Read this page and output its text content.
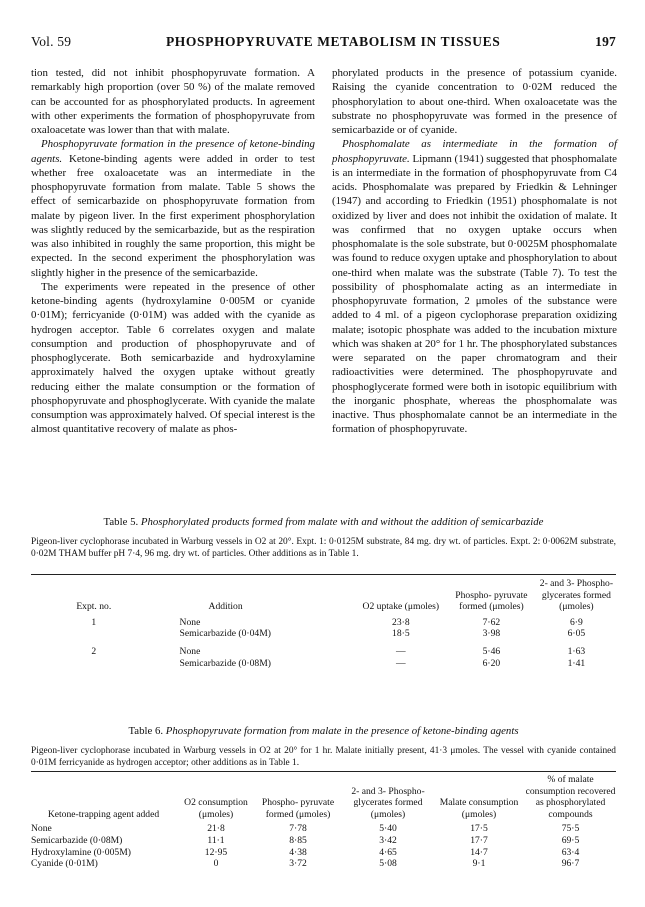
Vol. 59	PHOSPHOPYRUVATE METABOLISM IN TISSUES	197

tion tested, did not inhibit phosphopyruvate formation. A remarkably high proportion (over 50 %) of the malate removed can be accounted for as phosphorylated products. In agreement with other experiments the formation of phosphopyruvate from oxaloacetate was lower than that with malate.

Phosphopyruvate formation in the presence of ketone-binding agents. Ketone-binding agents were added in order to test whether free oxaloacetate was an intermediate in the phosphopyruvate formation from malate. Table 5 shows the effect of semicarbazide on phosphopyruvate formation from malate by pigeon liver. In the first experiment phosphorylation was slightly reduced by the semicarbazide, but as the respiration was also inhibited in roughly the same proportion, this might be expected. In the second experiment the phosphorylation was slightly higher in the presence of the semicarbazide.

The experiments were repeated in the presence of other ketone-binding agents (hydroxylamine 0·005M or cyanide 0·01M); ferricyanide (0·01M) was added with the cyanide as hydrogen acceptor. Table 6 correlates oxygen and malate consumption and production of phosphopyruvate and of phosphoglycerate. Both semicarbazide and hydroxylamine approximately halved the oxygen uptake without greatly reducing either the malate consumption or the formation of phosphopyruvate and phosphoglycerate. With cyanide the malate consumption was approximately halved. Of special interest is the almost quantitative recovery of malate as phos-

phorylated products in the presence of potassium cyanide. Raising the cyanide concentration to 0·02M reduced the phosphorylation to about one-third. When oxaloacetate was the substrate no phosphopyruvate was formed in the presence of semicarbazide or of cyanide.

Phosphomalate as intermediate in the formation of phosphopyruvate. Lipmann (1941) suggested that phosphomalate is an intermediate in the formation of phosphopyruvate from C4 acids. Phosphomalate was prepared by Friedkin & Lehninger (1947) and according to Friedkin (1951) phosphomalate is not oxidized by liver and does not inhibit the oxidation of malate. It was confirmed that no oxygen uptake occurs when phosphomalate is the sole substrate, but 0·0025M phosphomalate was found to reduce oxygen uptake and phosphorylation to about one-third when malate was the substrate (Table 7). To test the possibility of phosphomalate acting as an intermediate in phosphopyruvate formation, 2 μmoles of the substance were added to 4 ml. of a pigeon cyclophorase preparation oxidizing malate; isotopic phosphate was added to the incubation mixture which was shaken at 20° for 1 hr. The phosphorylated substances were separated on the paper chromatogram and their radioactivities were determined. The phosphopyruvate and phosphoglycerate formed were both in isotopic equilibrium with the inorganic phosphate, whereas the phosphomalate was inactive. Thus phosphomalate cannot be an intermediate in the formation of phosphopyruvate.

Table 5. Phosphorylated products formed from malate with and without the addition of semicarbazide
Pigeon-liver cyclophorase incubated in Warburg vessels in O2 at 20°. Expt. 1: 0·0125M substrate, 84 mg. dry wt. of particles. Expt. 2: 0·0062M substrate, 0·02M THAM buffer pH 7·4, 96 mg. dry wt. of particles. Other additions as in Table 1.
Expt. no.	Addition	O2 uptake (μmoles)	Phospho- pyruvate formed (μmoles)	2- and 3- Phospho- glycerates formed (μmoles)
1	None	23·8	7·62	6·9
	Semicarbazide (0·04M)	18·5	3·98	6·05
2	None	—	5·46	1·63
	Semicarbazide (0·08M)	—	6·20	1·41
Table 6. Phosphopyruvate formation from malate in the presence of ketone-binding agents
Pigeon-liver cyclophorase incubated in Warburg vessels in O2 at 20° for 1 hr. Malate initially present, 41·3 μmoles. The vessel with cyanide contained 0·01M ferricyanide as hydrogen acceptor; other additions as in Table 1.
Ketone-trapping agent added	O2 consumption (μmoles)	Phospho- pyruvate formed (μmoles)	2- and 3- Phospho- glycerates formed (μmoles)	Malate consumption (μmoles)	% of malate consumption recovered as phosphorylated compounds
None	21·8	7·78	5·40	17·5	75·5
Semicarbazide (0·08M)	11·1	8·85	3·42	17·7	69·5
Hydroxylamine (0·005M)	12·95	4·38	4·65	14·7	63·4
Cyanide (0·01M)	0	3·72	5·08	9·1	96·7
